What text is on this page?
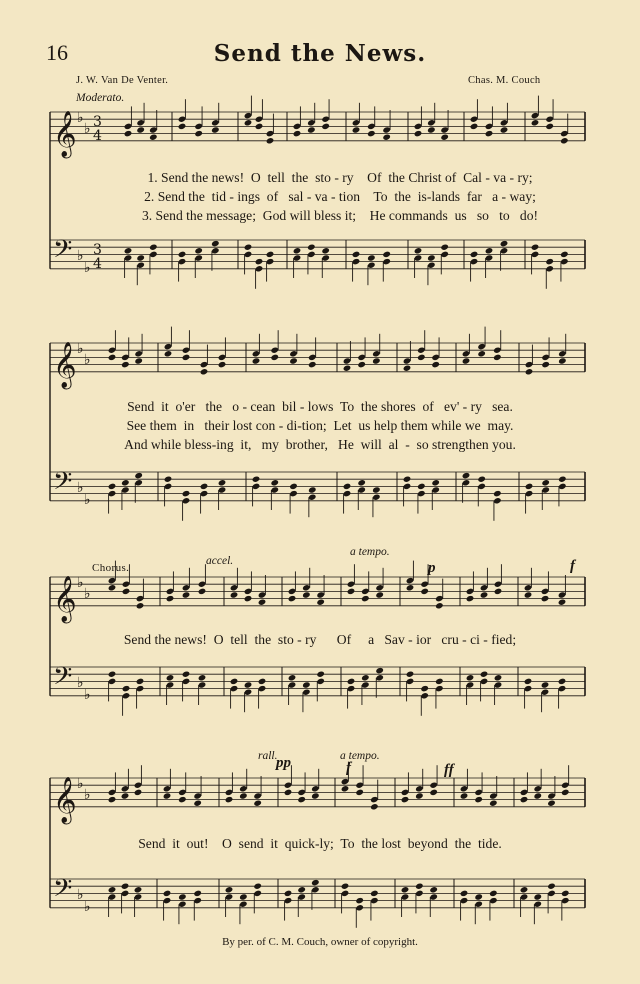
16	Send the News.
J. W. Van De Venter.	Chas. M. Couch
𝄞 ♭
♭ 3
4
𝄢 ♭
♭
3
4
𝄞 ♭
♭
𝄢 ♭
♭
𝄞 ♭
♭
𝄢 ♭
♭
𝄞 ♭
♭
𝄢 ♭
♭
Moderato.
Chorus.
accel.
a tempo.
rall.	a tempo.
p	f
pp	f	ff
1. Send the news!  O  tell  the  sto - ry    Of  the Christ of  Cal - va - ry;
2. Send the  tid - ings  of   sal - va - tion    To  the  is-lands  far   a - way;
3. Send the message;  God will bless it;    He commands  us   so   to   do!
Send  it  o'er   the   o - cean  bil - lows  To  the shores  of   ev' - ry   sea.
See them  in   their lost con - di-tion;  Let  us help them while we  may.
And while bless-ing  it,   my  brother,   He  will  al  -  so strengthen you.
Send the news!  O  tell  the  sto - ry      Of     a   Sav - ior   cru - ci - fied;
Send  it  out!    O  send  it  quick-ly;  To  the lost  beyond  the  tide.
By per. of C. M. Couch, owner of copyright.
